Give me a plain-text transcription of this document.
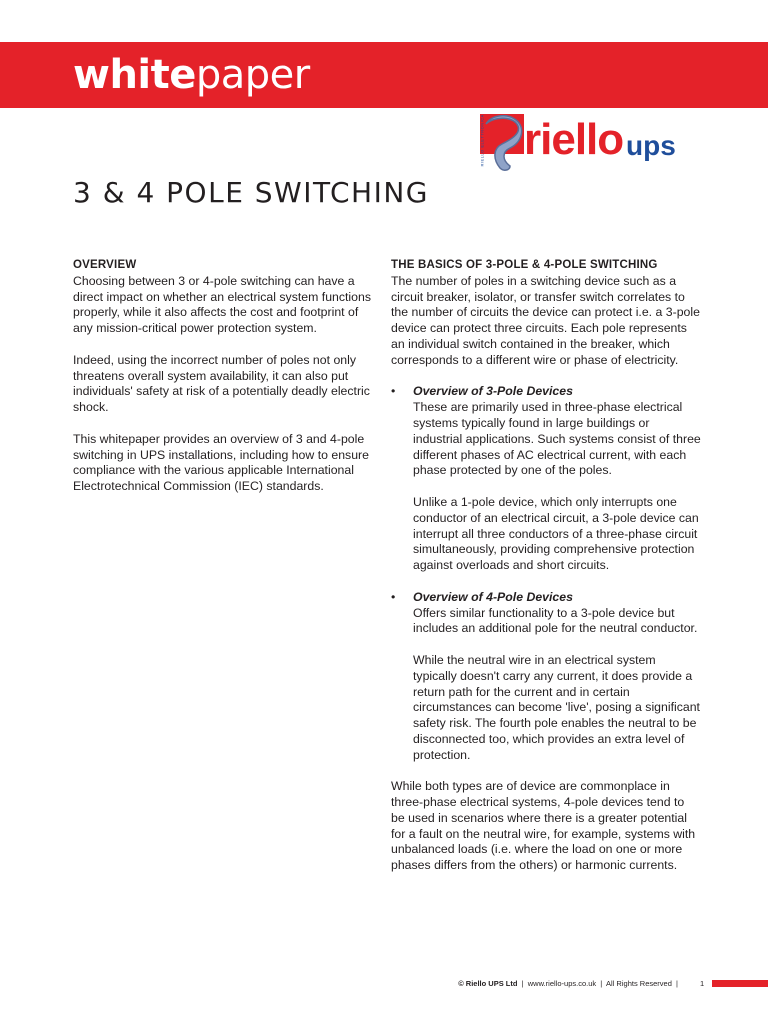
whitepaper
RIELLO ELETTRONICA riello ups
3 & 4 POLE SWITCHING
OVERVIEW

Choosing between 3 or 4-pole switching can have a direct impact on whether an electrical system functions properly, while it also affects the cost and footprint of any mission-critical power protection system.

Indeed, using the incorrect number of poles not only threatens overall system availability, it can also put individuals' safety at risk of a potentially deadly electric shock.

This whitepaper provides an overview of 3 and 4-pole switching in UPS installations, including how to ensure compliance with the various applicable International Electrotechnical Commission (IEC) standards.

THE BASICS OF 3-POLE & 4-POLE SWITCHING

The number of poles in a switching device such as a circuit breaker, isolator, or transfer switch correlates to the number of circuits the device can protect i.e. a 3-pole device can protect three circuits. Each pole represents an individual switch contained in the breaker, which corresponds to a different wire or phase of electricity.

• Overview of 3-Pole Devices

These are primarily used in three-phase electrical systems typically found in large buildings or industrial applications. Such systems consist of three different phases of AC electrical current, with each phase protected by one of the poles.

Unlike a 1-pole device, which only interrupts one conductor of an electrical circuit, a 3-pole device can interrupt all three conductors of a three-phase circuit simultaneously, providing comprehensive protection against overloads and short circuits.

• Overview of 4-Pole Devices

Offers similar functionality to a 3-pole device but includes an additional pole for the neutral conductor.

While the neutral wire in an electrical system typically doesn't carry any current, it does provide a return path for the current and in certain circumstances can become 'live', posing a significant safety risk. The fourth pole enables the neutral to be disconnected too, which provides an extra level of protection.

While both types are of device are commonplace in three-phase electrical systems, 4-pole devices tend to be used in scenarios where there is a greater potential for a fault on the neutral wire, for example, systems with unbalanced loads (i.e. where the load on one or more phases differs from the others) or harmonic currents.

© Riello UPS Ltd | www.riello-ups.co.uk | All Rights Reserved |	1
